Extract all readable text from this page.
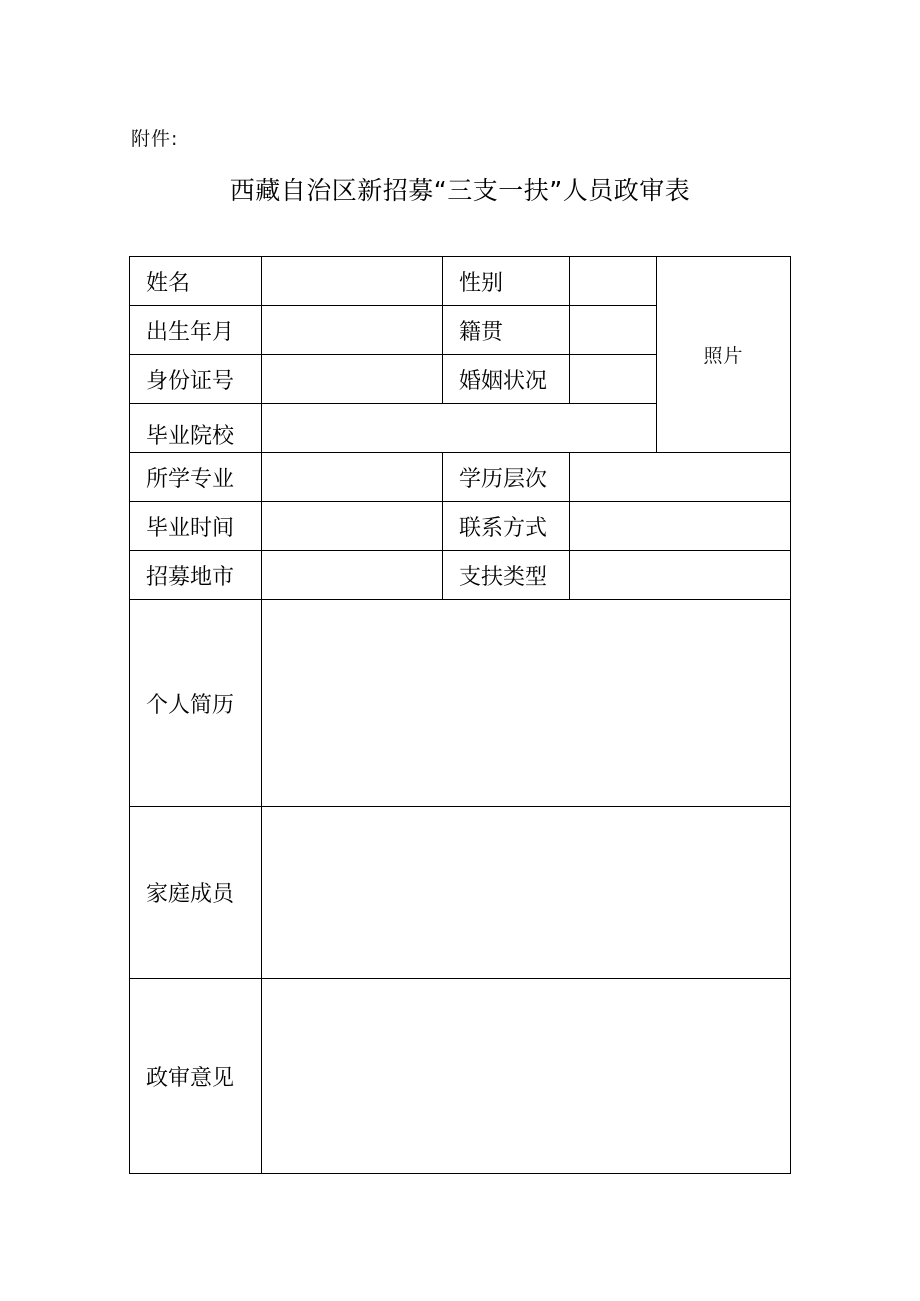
附件:
西藏自治区新招募“三支一扶”人员政审表
姓名		性别		照片
出生年月		籍贯		

身份证号		婚姻状况		

毕业院校				

所学专业		学历层次		

毕业时间		联系方式		

招募地市		支扶类型		

个人简历				

家庭成员				

政审意见				
